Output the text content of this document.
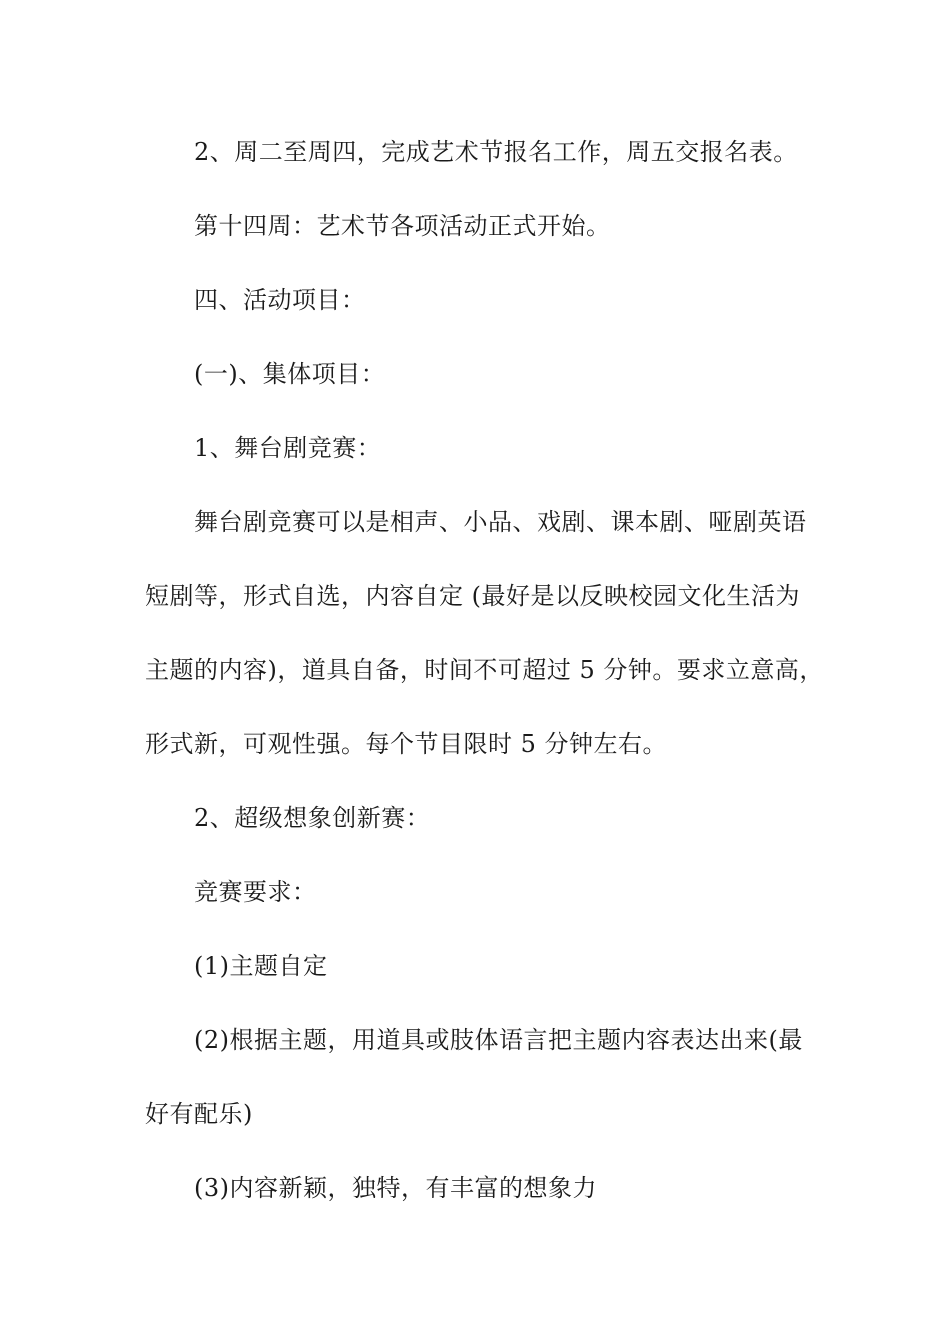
2、周二至周四，完成艺术节报名工作，周五交报名表。
第十四周：艺术节各项活动正式开始。
四、活动项目：
(一)、集体项目：
1、舞台剧竞赛：
舞台剧竞赛可以是相声、小品、戏剧、课本剧、哑剧英语
短剧等，形式自选，内容自定 (最好是以反映校园文化生活为
主题的内容)，道具自备，时间不可超过 5 分钟。要求立意高，
形式新，可观性强。每个节目限时 5 分钟左右。
2、超级想象创新赛：
竞赛要求：
(1)主题自定
(2)根据主题，用道具或肢体语言把主题内容表达出来(最
好有配乐)
(3)内容新颖，独特，有丰富的想象力
